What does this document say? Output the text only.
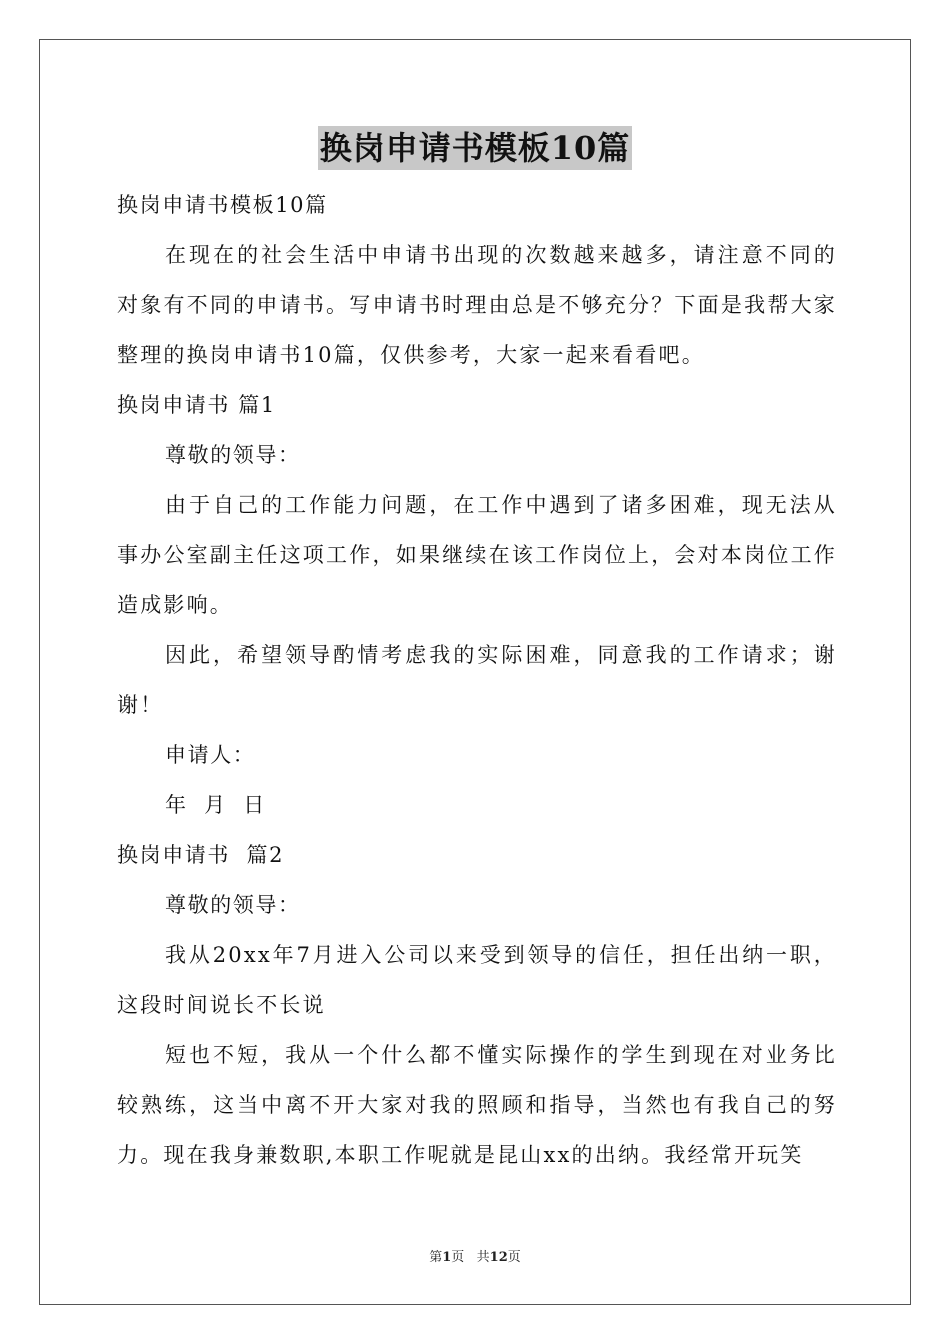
换岗申请书模板10篇

换岗申请书模板10篇

在现在的社会生活中申请书出现的次数越来越多，请注意不同的对象有不同的申请书。写申请书时理由总是不够充分？下面是我帮大家整理的换岗申请书10篇，仅供参考，大家一起来看看吧。

换岗申请书 篇1

尊敬的领导：

由于自己的工作能力问题，在工作中遇到了诸多困难，现无法从事办公室副主任这项工作，如果继续在该工作岗位上，会对本岗位工作造成影响。

因此，希望领导酌情考虑我的实际困难，同意我的工作请求；谢谢！

申请人：

年  月  日

换岗申请书  篇2

尊敬的领导：

我从20xx年7月进入公司以来受到领导的信任，担任出纳一职，这段时间说长不长说

短也不短，我从一个什么都不懂实际操作的学生到现在对业务比较熟练，这当中离不开大家对我的照顾和指导，当然也有我自己的努力。现在我身兼数职,本职工作呢就是昆山xx的出纳。我经常开玩笑

第1页   共12页
